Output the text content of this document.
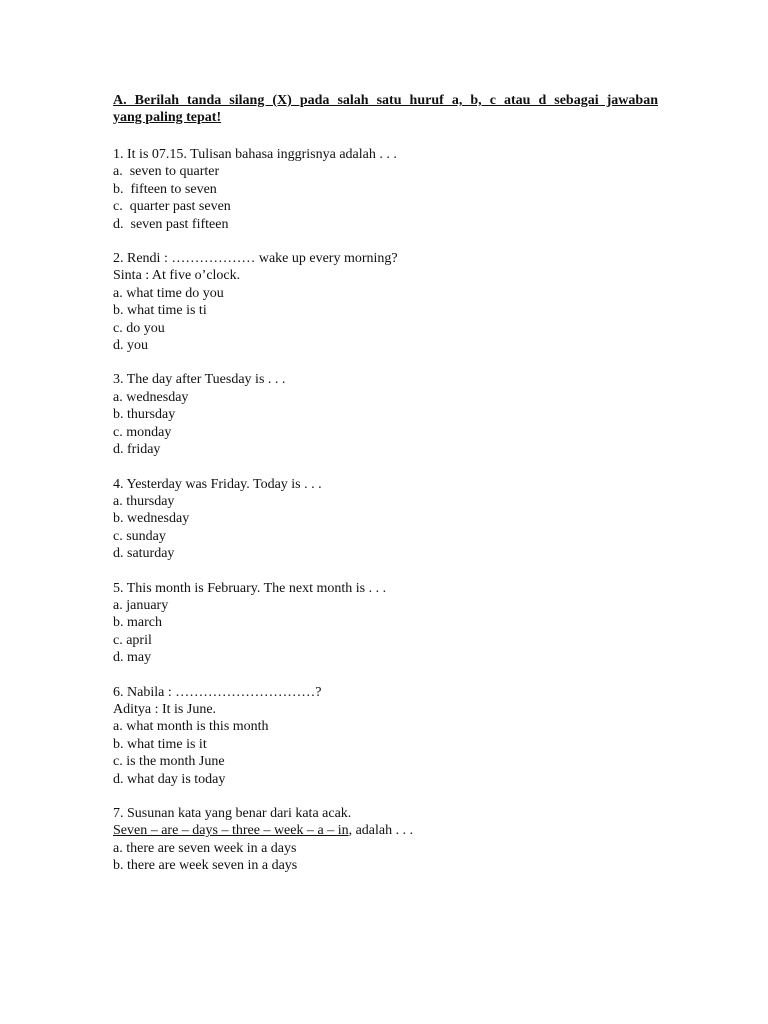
A. Berilah tanda silang (X) pada salah satu huruf a, b, c atau d sebagai jawaban
yang paling tepat!
1. It is 07.15. Tulisan bahasa inggrisnya adalah . . .
a.  seven to quarter
b.  fifteen to seven
c.  quarter past seven
d.  seven past fifteen
2. Rendi : ……………… wake up every morning?
Sinta : At five o’clock.
a. what time do you
b. what time is ti
c. do you
d. you
3. The day after Tuesday is . . .
a. wednesday
b. thursday
c. monday
d. friday
4. Yesterday was Friday. Today is . . .
a. thursday
b. wednesday
c. sunday
d. saturday
5. This month is February. The next month is . . .
a. january
b. march
c. april
d. may
6. Nabila : …………………………?
Aditya : It is June.
a. what month is this month
b. what time is it
c. is the month June
d. what day is today
7. Susunan kata yang benar dari kata acak.
Seven – are – days – three – week – a – in, adalah . . .
a. there are seven week in a days
b. there are week seven in a days
